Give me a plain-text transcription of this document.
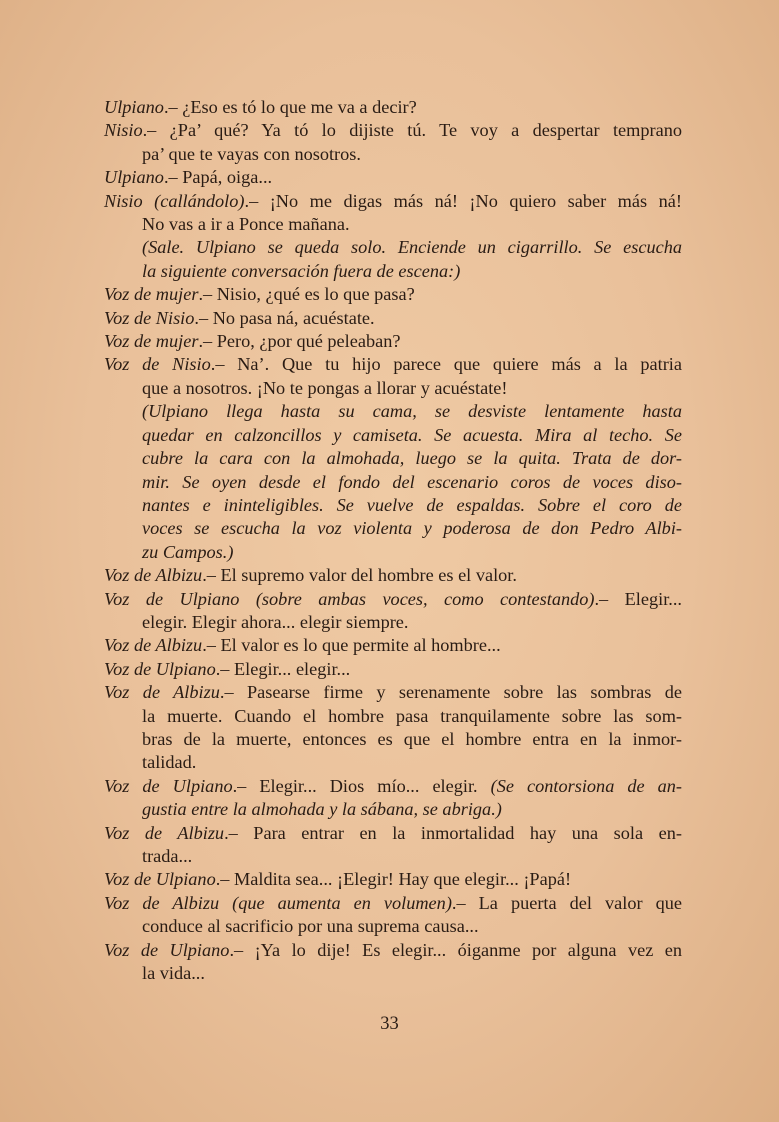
Ulpiano.– ¿Eso es tó lo que me va a decir?
Nisio.– ¿Pa’ qué? Ya tó lo dijiste tú. Te voy a despertar temprano
pa’ que te vayas con nosotros.
Ulpiano.– Papá, oiga...
Nisio (callándolo).– ¡No me digas más ná! ¡No quiero saber más ná!
No vas a ir a Ponce mañana.
(Sale. Ulpiano se queda solo. Enciende un cigarrillo. Se escucha
la siguiente conversación fuera de escena:)
Voz de mujer.– Nisio, ¿qué es lo que pasa?
Voz de Nisio.– No pasa ná, acuéstate.
Voz de mujer.– Pero, ¿por qué peleaban?
Voz de Nisio.– Na’. Que tu hijo parece que quiere más a la patria
que a nosotros. ¡No te pongas a llorar y acuéstate!
(Ulpiano llega hasta su cama, se desviste lentamente hasta
quedar en calzoncillos y camiseta. Se acuesta. Mira al techo. Se
cubre la cara con la almohada, luego se la quita. Trata de dor-
mir. Se oyen desde el fondo del escenario coros de voces diso-
nantes e ininteligibles. Se vuelve de espaldas. Sobre el coro de
voces se escucha la voz violenta y poderosa de don Pedro Albi-
zu Campos.)
Voz de Albizu.– El supremo valor del hombre es el valor.
Voz de Ulpiano (sobre ambas voces, como contestando).– Elegir...
elegir. Elegir ahora... elegir siempre.
Voz de Albizu.– El valor es lo que permite al hombre...
Voz de Ulpiano.– Elegir... elegir...
Voz de Albizu.– Pasearse firme y serenamente sobre las sombras de
la muerte. Cuando el hombre pasa tranquilamente sobre las som-
bras de la muerte, entonces es que el hombre entra en la inmor-
talidad.
Voz de Ulpiano.– Elegir... Dios mío... elegir. (Se contorsiona de an-
gustia entre la almohada y la sábana, se abriga.)
Voz de Albizu.– Para entrar en la inmortalidad hay una sola en-
trada...
Voz de Ulpiano.– Maldita sea... ¡Elegir! Hay que elegir... ¡Papá!
Voz de Albizu (que aumenta en volumen).– La puerta del valor que
conduce al sacrificio por una suprema causa...
Voz de Ulpiano.– ¡Ya lo dije! Es elegir... óiganme por alguna vez en
la vida...
33
